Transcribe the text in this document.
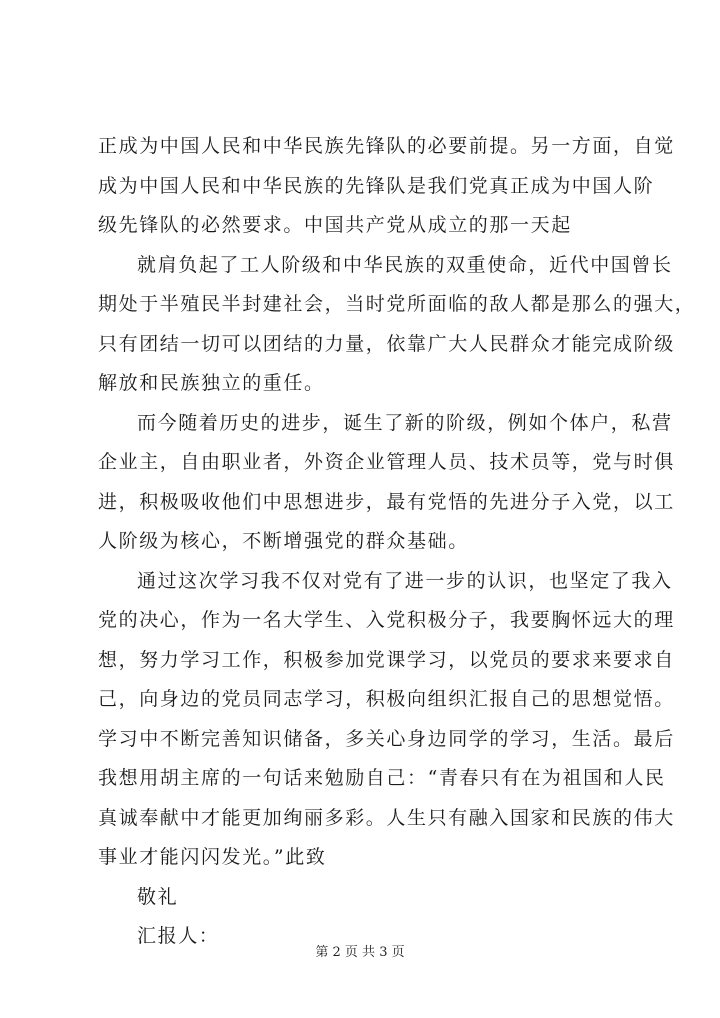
正成为中国人民和中华民族先锋队的必要前提。另一方面，自觉
成为中国人民和中华民族的先锋队是我们党真正成为中国人阶
级先锋队的必然要求。中国共产党从成立的那一天起
就肩负起了工人阶级和中华民族的双重使命，近代中国曾长
期处于半殖民半封建社会，当时党所面临的敌人都是那么的强大，
只有团结一切可以团结的力量，依靠广大人民群众才能完成阶级
解放和民族独立的重任。
而今随着历史的进步，诞生了新的阶级，例如个体户，私营
企业主，自由职业者，外资企业管理人员、技术员等，党与时俱
进，积极吸收他们中思想进步，最有党悟的先进分子入党，以工
人阶级为核心，不断增强党的群众基础。
通过这次学习我不仅对党有了进一步的认识，也坚定了我入
党的决心，作为一名大学生、入党积极分子，我要胸怀远大的理
想，努力学习工作，积极参加党课学习，以党员的要求来要求自
己，向身边的党员同志学习，积极向组织汇报自己的思想觉悟。
学习中不断完善知识储备，多关心身边同学的学习，生活。最后
我想用胡主席的一句话来勉励自己：“青春只有在为祖国和人民
真诚奉献中才能更加绚丽多彩。人生只有融入国家和民族的伟大
事业才能闪闪发光。”此致
敬礼
汇报人：
第 2 页 共 3 页
